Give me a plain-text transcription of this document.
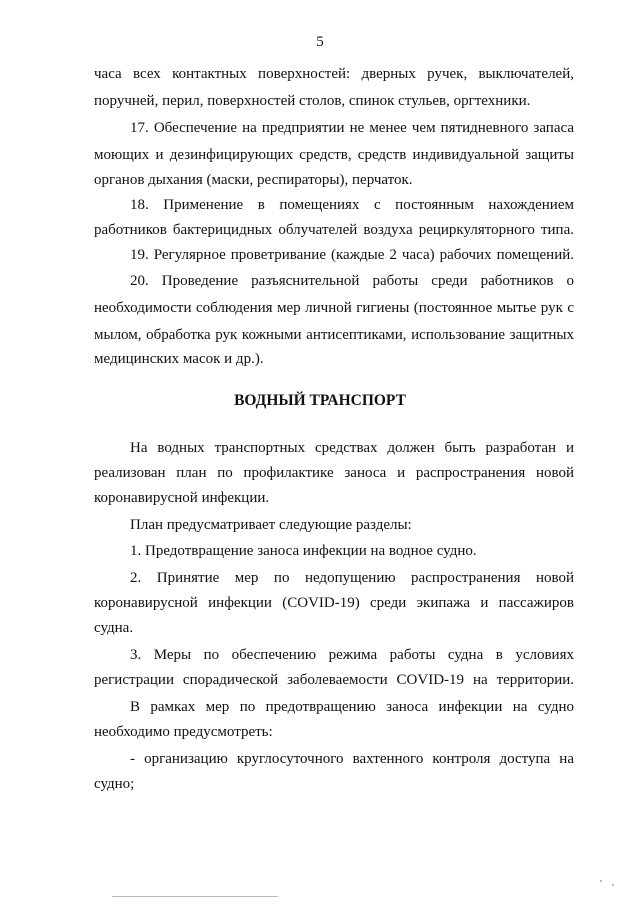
5
часа всех контактных поверхностей: дверных ручек, выключателей,
поручней, перил, поверхностей столов, спинок стульев, оргтехники.
17. Обеспечение на предприятии не менее чем пятидневного запаса
моющих и дезинфицирующих средств, средств индивидуальной защиты
органов дыхания (маски, респираторы), перчаток.
18. Применение в помещениях с постоянным нахождением
работников бактерицидных облучателей воздуха рециркуляторного типа.
19. Регулярное проветривание (каждые 2 часа) рабочих помещений.
20. Проведение разъяснительной работы среди работников о
необходимости соблюдения мер личной гигиены (постоянное мытье рук с
мылом, обработка рук кожными антисептиками, использование защитных
медицинских масок и др.).
ВОДНЫЙ ТРАНСПОРТ
На водных транспортных средствах должен быть разработан и
реализован план по профилактике заноса и распространения новой
коронавирусной инфекции.
План предусматривает следующие разделы:
1. Предотвращение заноса инфекции на водное судно.
2. Принятие мер по недопущению распространения новой
коронавирусной инфекции (COVID-19) среди экипажа и пассажиров
судна.
3. Меры по обеспечению режима работы судна в условиях
регистрации спорадической заболеваемости COVID-19 на территории.
В рамках мер по предотвращению заноса инфекции на судно
необходимо предусмотреть:
- организацию круглосуточного вахтенного контроля доступа на
судно;
